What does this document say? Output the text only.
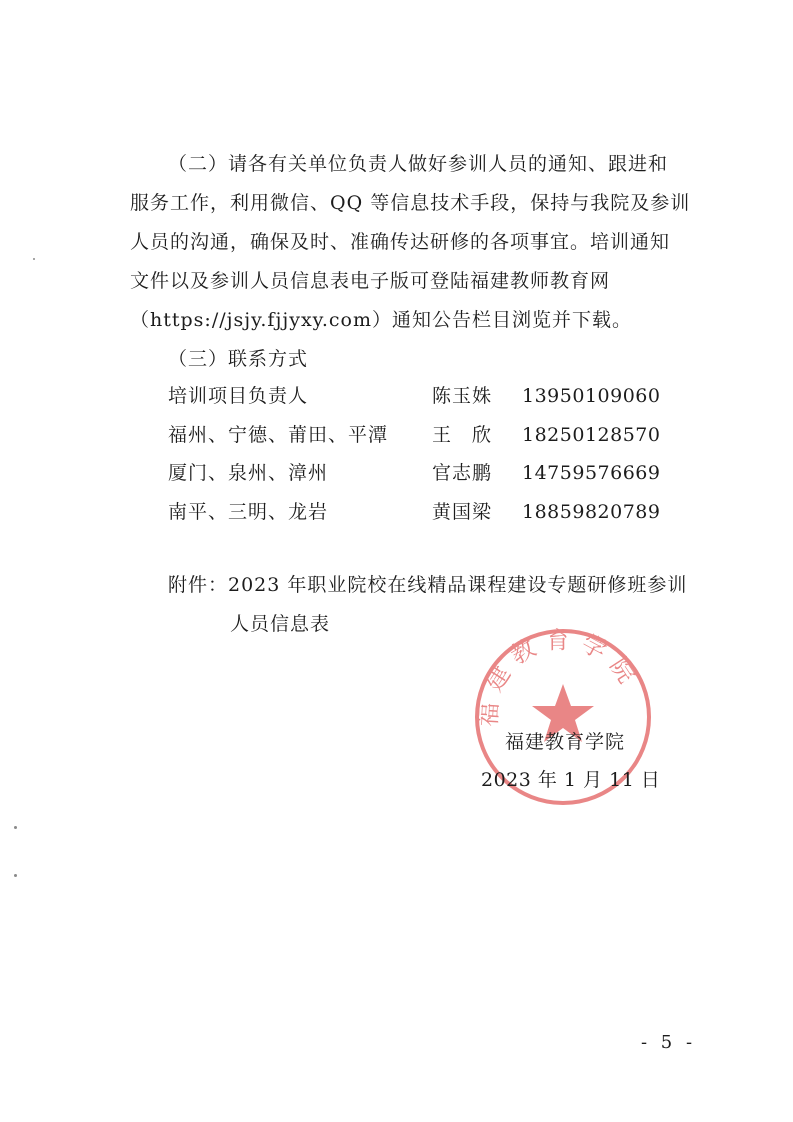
（二）请各有关单位负责人做好参训人员的通知、跟进和
服务工作，利用微信、QQ 等信息技术手段，保持与我院及参训
人员的沟通，确保及时、准确传达研修的各项事宜。培训通知
文件以及参训人员信息表电子版可登陆福建教师教育网
（https://jsjy.fjjyxy.com）通知公告栏目浏览并下载。
（三）联系方式
培训项目负责人	陈玉姝 13950109060
福州、宁德、莆田、平潭 王　欣 18250128570
厦门、泉州、漳州	官志鹏 14759576669
南平、三明、龙岩	黄国梁 18859820789
附件：2023 年职业院校在线精品课程建设专题研修班参训
人员信息表
福建教育学院
福建教育学院
2023 年 1 月 11 日
- 5 -
